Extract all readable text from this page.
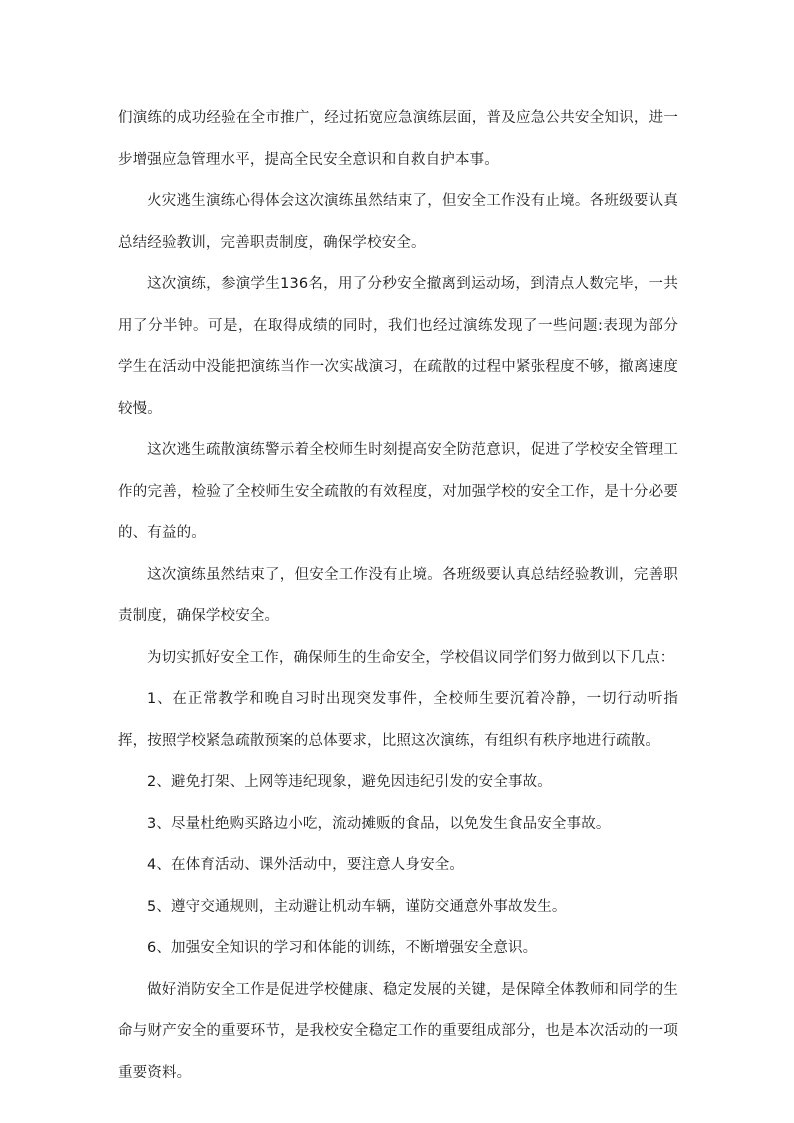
们演练的成功经验在全市推广，经过拓宽应急演练层面，普及应急公共安全知识，进一步增强应急管理水平，提高全民安全意识和自救自护本事。

火灾逃生演练心得体会这次演练虽然结束了，但安全工作没有止境。各班级要认真总结经验教训，完善职责制度，确保学校安全。

这次演练，参演学生136名，用了分秒安全撤离到运动场，到清点人数完毕，一共用了分半钟。可是，在取得成绩的同时，我们也经过演练发现了一些问题:表现为部分学生在活动中没能把演练当作一次实战演习，在疏散的过程中紧张程度不够，撤离速度较慢。

这次逃生疏散演练警示着全校师生时刻提高安全防范意识，促进了学校安全管理工作的完善，检验了全校师生安全疏散的有效程度，对加强学校的安全工作，是十分必要的、有益的。

这次演练虽然结束了，但安全工作没有止境。各班级要认真总结经验教训，完善职责制度，确保学校安全。

为切实抓好安全工作，确保师生的生命安全，学校倡议同学们努力做到以下几点：

1、在正常教学和晚自习时出现突发事件，全校师生要沉着冷静，一切行动听指挥，按照学校紧急疏散预案的总体要求，比照这次演练，有组织有秩序地进行疏散。

2、避免打架、上网等违纪现象，避免因违纪引发的安全事故。

3、尽量杜绝购买路边小吃，流动摊贩的食品，以免发生食品安全事故。

4、在体育活动、课外活动中，要注意人身安全。

5、遵守交通规则，主动避让机动车辆，谨防交通意外事故发生。

6、加强安全知识的学习和体能的训练，不断增强安全意识。

做好消防安全工作是促进学校健康、稳定发展的关键，是保障全体教师和同学的生命与财产安全的重要环节，是我校安全稳定工作的重要组成部分，也是本次活动的一项重要资料。
